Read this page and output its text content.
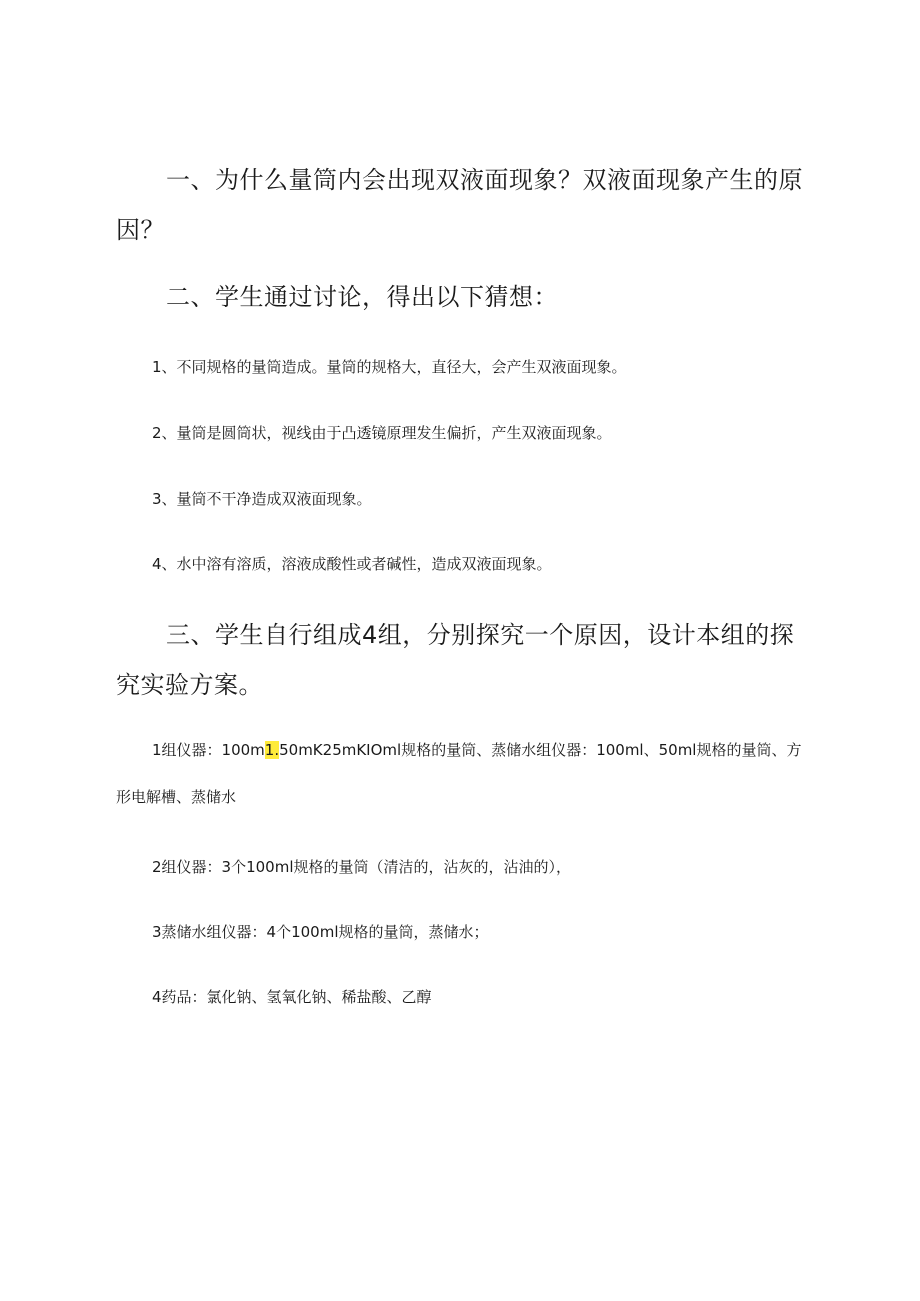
一、为什么量筒内会出现双液面现象？双液面现象产生的原因？
二、学生通过讨论，得出以下猜想：
1、不同规格的量筒造成。量筒的规格大，直径大，会产生双液面现象。
2、量筒是圆筒状，视线由于凸透镜原理发生偏折，产生双液面现象。
3、量筒不干净造成双液面现象。
4、水中溶有溶质，溶液成酸性或者碱性，造成双液面现象。
三、学生自行组成4组，分别探究一个原因，设计本组的探究实验方案。
1组仪器：100m1.50mK25mKIOml规格的量筒、蒸储水组仪器：100ml、50ml规格的量筒、方形电解槽、蒸储水
2组仪器：3个100ml规格的量筒（清洁的，沾灰的，沾油的），
3蒸储水组仪器：4个100ml规格的量筒，蒸储水；
4药品：氯化钠、氢氧化钠、稀盐酸、乙醇
